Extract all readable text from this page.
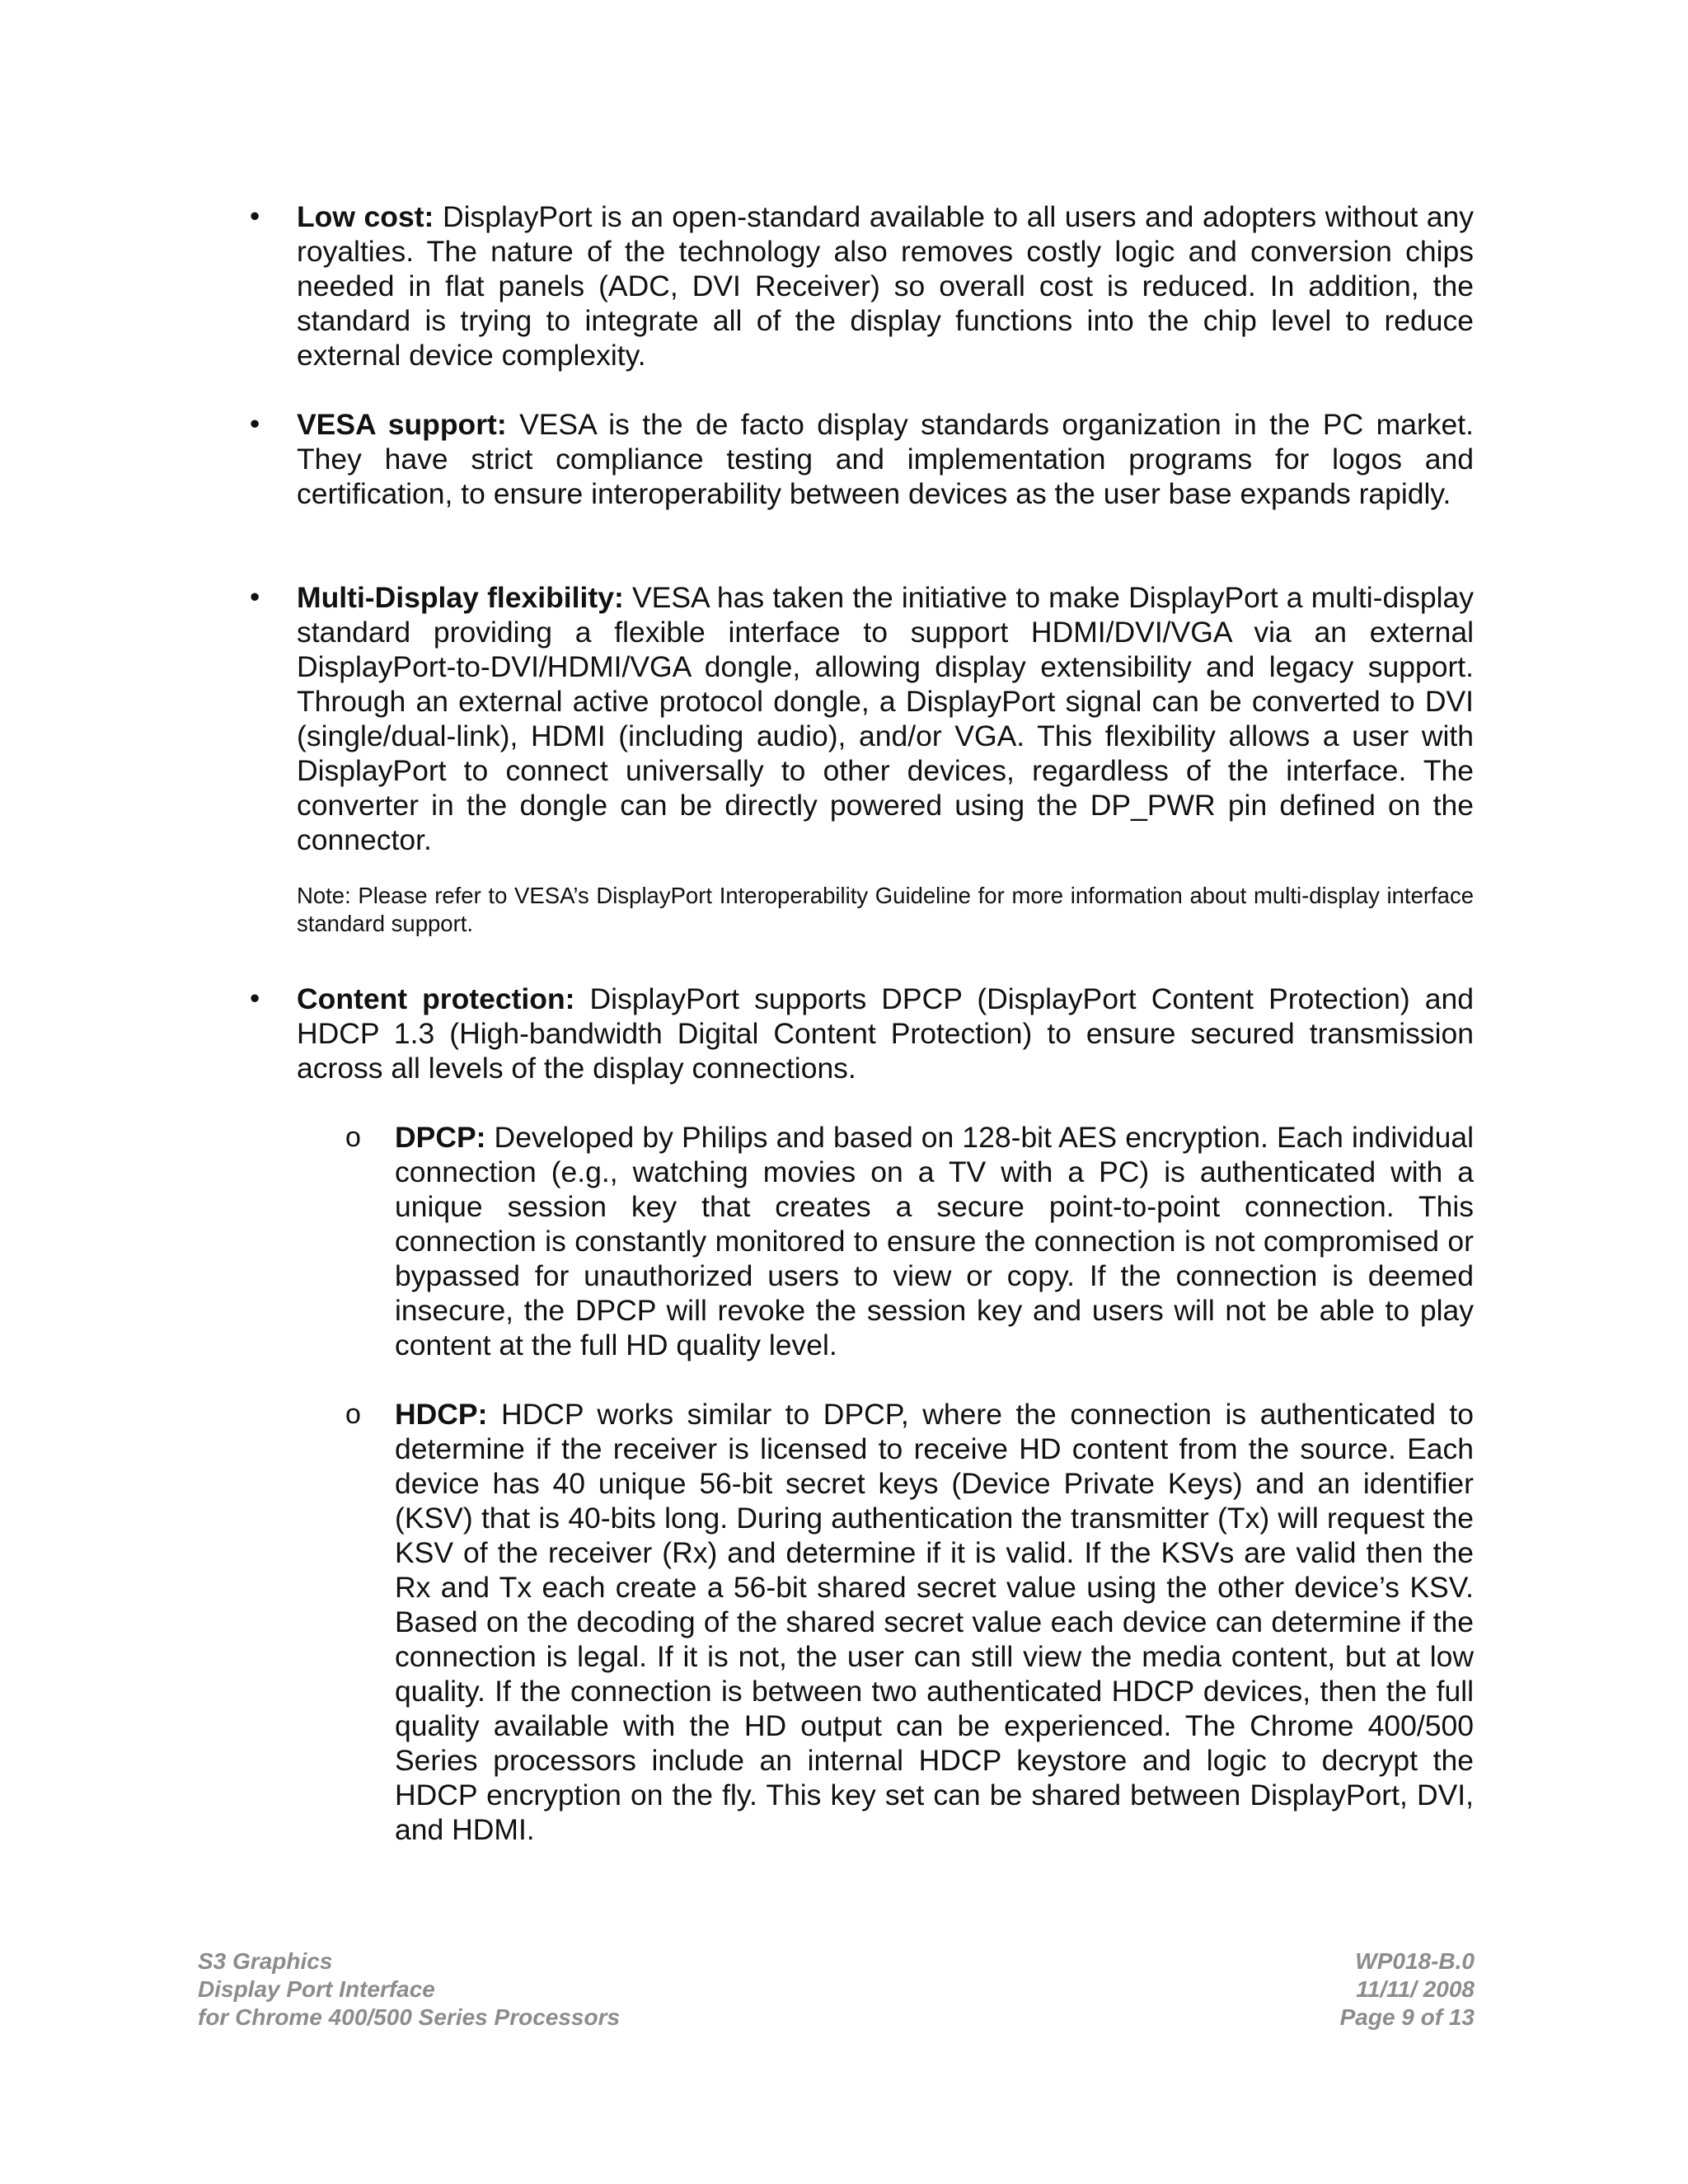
• Low cost: DisplayPort is an open-standard available to all users and adopters without any royalties. The nature of the technology also removes costly logic and conversion chips needed in flat panels (ADC, DVI Receiver) so overall cost is reduced. In addition, the standard is trying to integrate all of the display functions into the chip level to reduce external device complexity.
• VESA support: VESA is the de facto display standards organization in the PC market. They have strict compliance testing and implementation programs for logos and certification, to ensure interoperability between devices as the user base expands rapidly.
• Multi-Display flexibility: VESA has taken the initiative to make DisplayPort a multi-display standard providing a flexible interface to support HDMI/DVI/VGA via an external DisplayPort-to-DVI/HDMI/VGA dongle, allowing display extensibility and legacy support. Through an external active protocol dongle, a DisplayPort signal can be converted to DVI (single/dual-link), HDMI (including audio), and/or VGA. This flexibility allows a user with DisplayPort to connect universally to other devices, regardless of the interface. The converter in the dongle can be directly powered using the DP_PWR pin defined on the connector.
Note: Please refer to VESA’s DisplayPort Interoperability Guideline for more information about multi-display interface standard support.
• Content protection: DisplayPort supports DPCP (DisplayPort Content Protection) and HDCP 1.3 (High-bandwidth Digital Content Protection) to ensure secured transmission across all levels of the display connections.
o DPCP: Developed by Philips and based on 128-bit AES encryption. Each individual connection (e.g., watching movies on a TV with a PC) is authenticated with a unique session key that creates a secure point-to-point connection. This connection is constantly monitored to ensure the connection is not compromised or bypassed for unauthorized users to view or copy. If the connection is deemed insecure, the DPCP will revoke the session key and users will not be able to play content at the full HD quality level.
o HDCP: HDCP works similar to DPCP, where the connection is authenticated to determine if the receiver is licensed to receive HD content from the source. Each device has 40 unique 56-bit secret keys (Device Private Keys) and an identifier (KSV) that is 40-bits long. During authentication the transmitter (Tx) will request the KSV of the receiver (Rx) and determine if it is valid. If the KSVs are valid then the Rx and Tx each create a 56-bit shared secret value using the other device’s KSV. Based on the decoding of the shared secret value each device can determine if the connection is legal. If it is not, the user can still view the media content, but at low quality. If the connection is between two authenticated HDCP devices, then the full quality available with the HD output can be experienced. The Chrome 400/500 Series processors include an internal HDCP keystore and logic to decrypt the HDCP encryption on the fly. This key set can be shared between DisplayPort, DVI, and HDMI.
S3 Graphics
Display Port Interface
for Chrome 400/500 Series Processors
WP018-B.0
11/11/ 2008
Page 9 of 13
